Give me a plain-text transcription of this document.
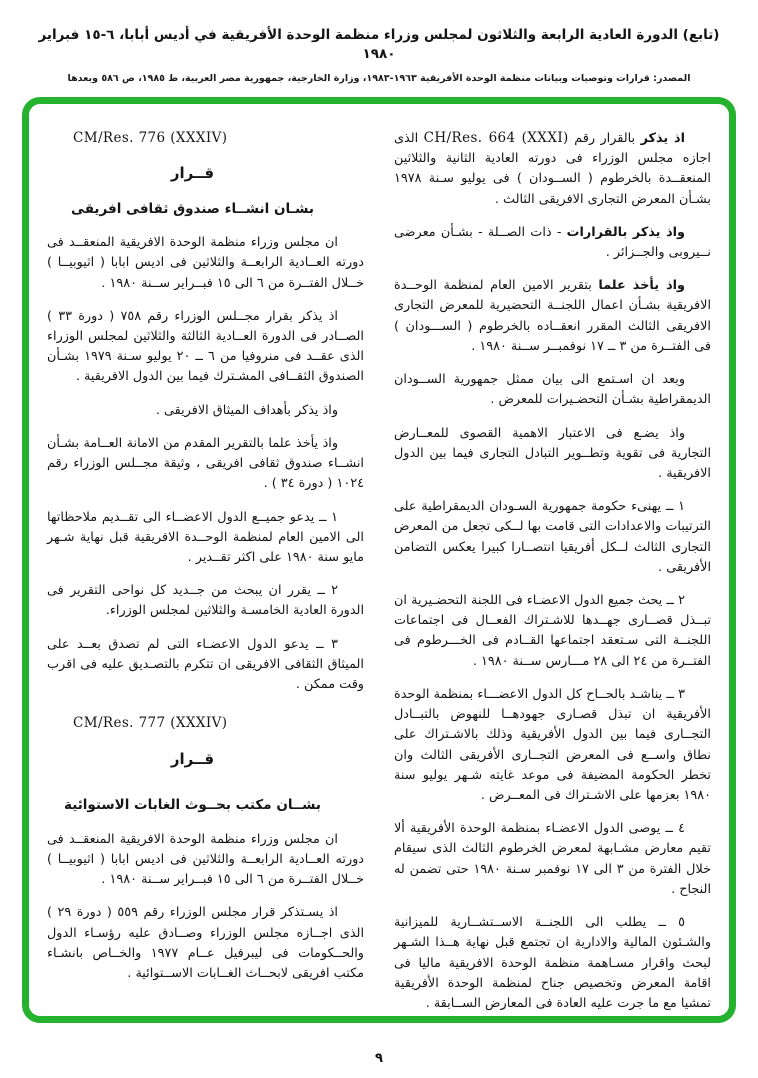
(تابع) الدورة العادية الرابعة والثلاثون لمجلس وزراء منظمة الوحدة الأفريقية في أديس أبابا، ٦-١٥ فبراير ١٩٨٠
المصدر: قرارات وتوصيات وبيانات منظمة الوحدة الأفريقية ١٩٦٣-١٩٨٣، وزارة الخارجية، جمهورية مصر العربية، ط ١٩٨٥، ص ٥٨٦ وبعدها

اذ يذكر بالقرار رقم CH/Res. 664 (XXXI) الذى اجازه مجلس الوزراء فى دورته العادية الثانية والثلاثين المنعقــدة بالخرطوم ( الســودان ) فى يوليو سـنة ١٩٧٨ بشـأن المعرض التجارى الافريقى الثالث .

واذ يذكر بالقرارات - ذات الصــلة - بشـأن معرضى نــيروبى والجــزائر .

واذ يأخذ علما بتقرير الامين العام لمنظمة الوحــدة الافريقية بشـأن اعمال اللجنــة التحضيرية للمعرض التجارى الافريقى الثالث المقرر انعقــاده بالخرطوم ( الســـودان ) فى الفتــرة من ٣ ــ ١٧ نوفمبــر ســنة ١٩٨٠ .

وبعد ان اسـتمع الى بيان ممثل جمهورية الســودان الديمقراطية بشـأن التحضـيرات للمعرض .

واذ يضـع فى الاعتبار الاهمية القصوى للمعــارض التجارية فى تقوية وتطــوير التبادل التجارى فيما بين الدول الافريقية .

١ ــ يهنىء حكومة جمهورية السـودان الديمقراطية على الترتيبات والاعدادات التى قامت بها لــكى تجعل من المعرض التجارى الثالث لــكل أفريقيا انتصــارا كبيرا يعكس التضامن الأفريقى .

٢ ــ يحث جميع الدول الاعضـاء فى اللجنة التحضـيرية ان تبــذل قصــارى جهــدها للاشـتراك الفعــال فى اجتماعات اللجنــة التى سـتعقد اجتماعها القــادم فى الخـــرطوم فى الفتــرة من ٢٤ الى ٢٨ مـــارس ســنة ١٩٨٠ .

٣ ــ يناشـد بالحــاح كل الدول الاعضـــاء بمنظمة الوحدة الأفريقية ان تبذل قصـارى جهودهــا للنهوض بالتبــادل التجــارى فيما بين الدول الأفريقية وذلك بالاشـتراك على نطاق واســع فى المعرض التجــارى الأفريقى الثالث وان تخطر الحكومة المضيفة فى موعد غايته شـهر يوليو سنة ١٩٨٠ بعزمها على الاشـتراك فى المعــرض .

٤ ــ يوصى الدول الاعضـاء بمنظمة الوحدة الأفريقية ألا تقيم معارض مشـابهة لمعرض الخرطوم الثالث الذى سيقام خلال الفترة من ٣ الى ١٧ نوفمبر سـنة ١٩٨٠ حتى تضمن له النجاح .

٥ ــ يطلب الى اللجنــة الاســتشــارية للميزانية والشـئون المالية والادارية ان تجتمع قبل نهاية هــذا الشـهر لبحث واقرار مسـاهمة منظمة الوحدة الافريقية ماليا فى اقامة المعرض وتخصيص جناح لمنظمة الوحدة الأفريقية تمشيا مع ما جرت عليه العادة فى المعارض الســابقة .

CM/Res. 776 (XXXIV)

قــرار

بشـان انشــاء صندوق ثقافى افريقى

ان مجلس وزراء منظمة الوحدة الافريقية المنعقــد فى دورته العــادية الرابعــة والثلاثين فى اديس ابابا ( اثيوبيــا ) خــلال الفتــرة من ٦ الى ١٥ فبــراير ســنة ١٩٨٠ .

اذ يذكر بقرار مجــلس الوزراء رقم ٧٥٨ ( دورة ٣٣ ) الصــادر فى الدورة العــادية الثالثة والثلاثين لمجلس الوزراء الذى عقــد فى منروفيا من ٦ ــ ٢٠ يوليو سـنة ١٩٧٩ بشـأن الصندوق الثقــافى المشـترك فيما بين الدول الافريقية .

واذ يذكر بأهداف الميثاق الافريقى .

واذ يأخذ علما بالتقرير المقدم من الامانة العــامة بشـأن انشــاء صندوق ثقافى افريقى ، وثيقة مجــلس الوزراء رقم ١٠٢٤ ( دورة ٣٤ ) .

١ ــ يدعو جميــع الدول الاعضــاء الى تقــديم ملاحظاتها الى الامين العام لمنظمة الوحــدة الافريقية قبل نهاية شـهر مايو سنة ١٩٨٠ على اكثر تقــدير .

٢ ــ يقرر ان يبحث من جــديد كل نواحى التقرير فى الدورة العادية الخامسـة والثلاثين لمجلس الوزراء.

٣ ــ يدعو الدول الاعضـاء التى لم تصدق بعــد على الميثاق الثقافى الافريقى ان تتكرم بالتصـديق عليه فى اقرب وقت ممكن .

CM/Res. 777 (XXXIV)

قــرار

بشــان مكتب بحــوث الغابات الاستوائية

ان مجلس وزراء منظمة الوحدة الافريقية المنعقــد فى دورته العــادية الرابعــة والثلاثين فى اديس ابابا ( اثيوبيــا ) خــلال الفتــرة من ٦ الى ١٥ فبــراير ســنة ١٩٨٠ .

اذ يسـتذكر قرار مجلس الوزراء رقم ٥٥٩ ( دورة ٢٩ ) الذى اجــازه مجلس الوزراء وصــادق عليه رؤسـاء الدول والحــكومات فى ليبرفيل عــام ١٩٧٧ والخــاص بانشـاء مكتب افريقى لابحــاث الغــابات الاســتوائية .

٩
